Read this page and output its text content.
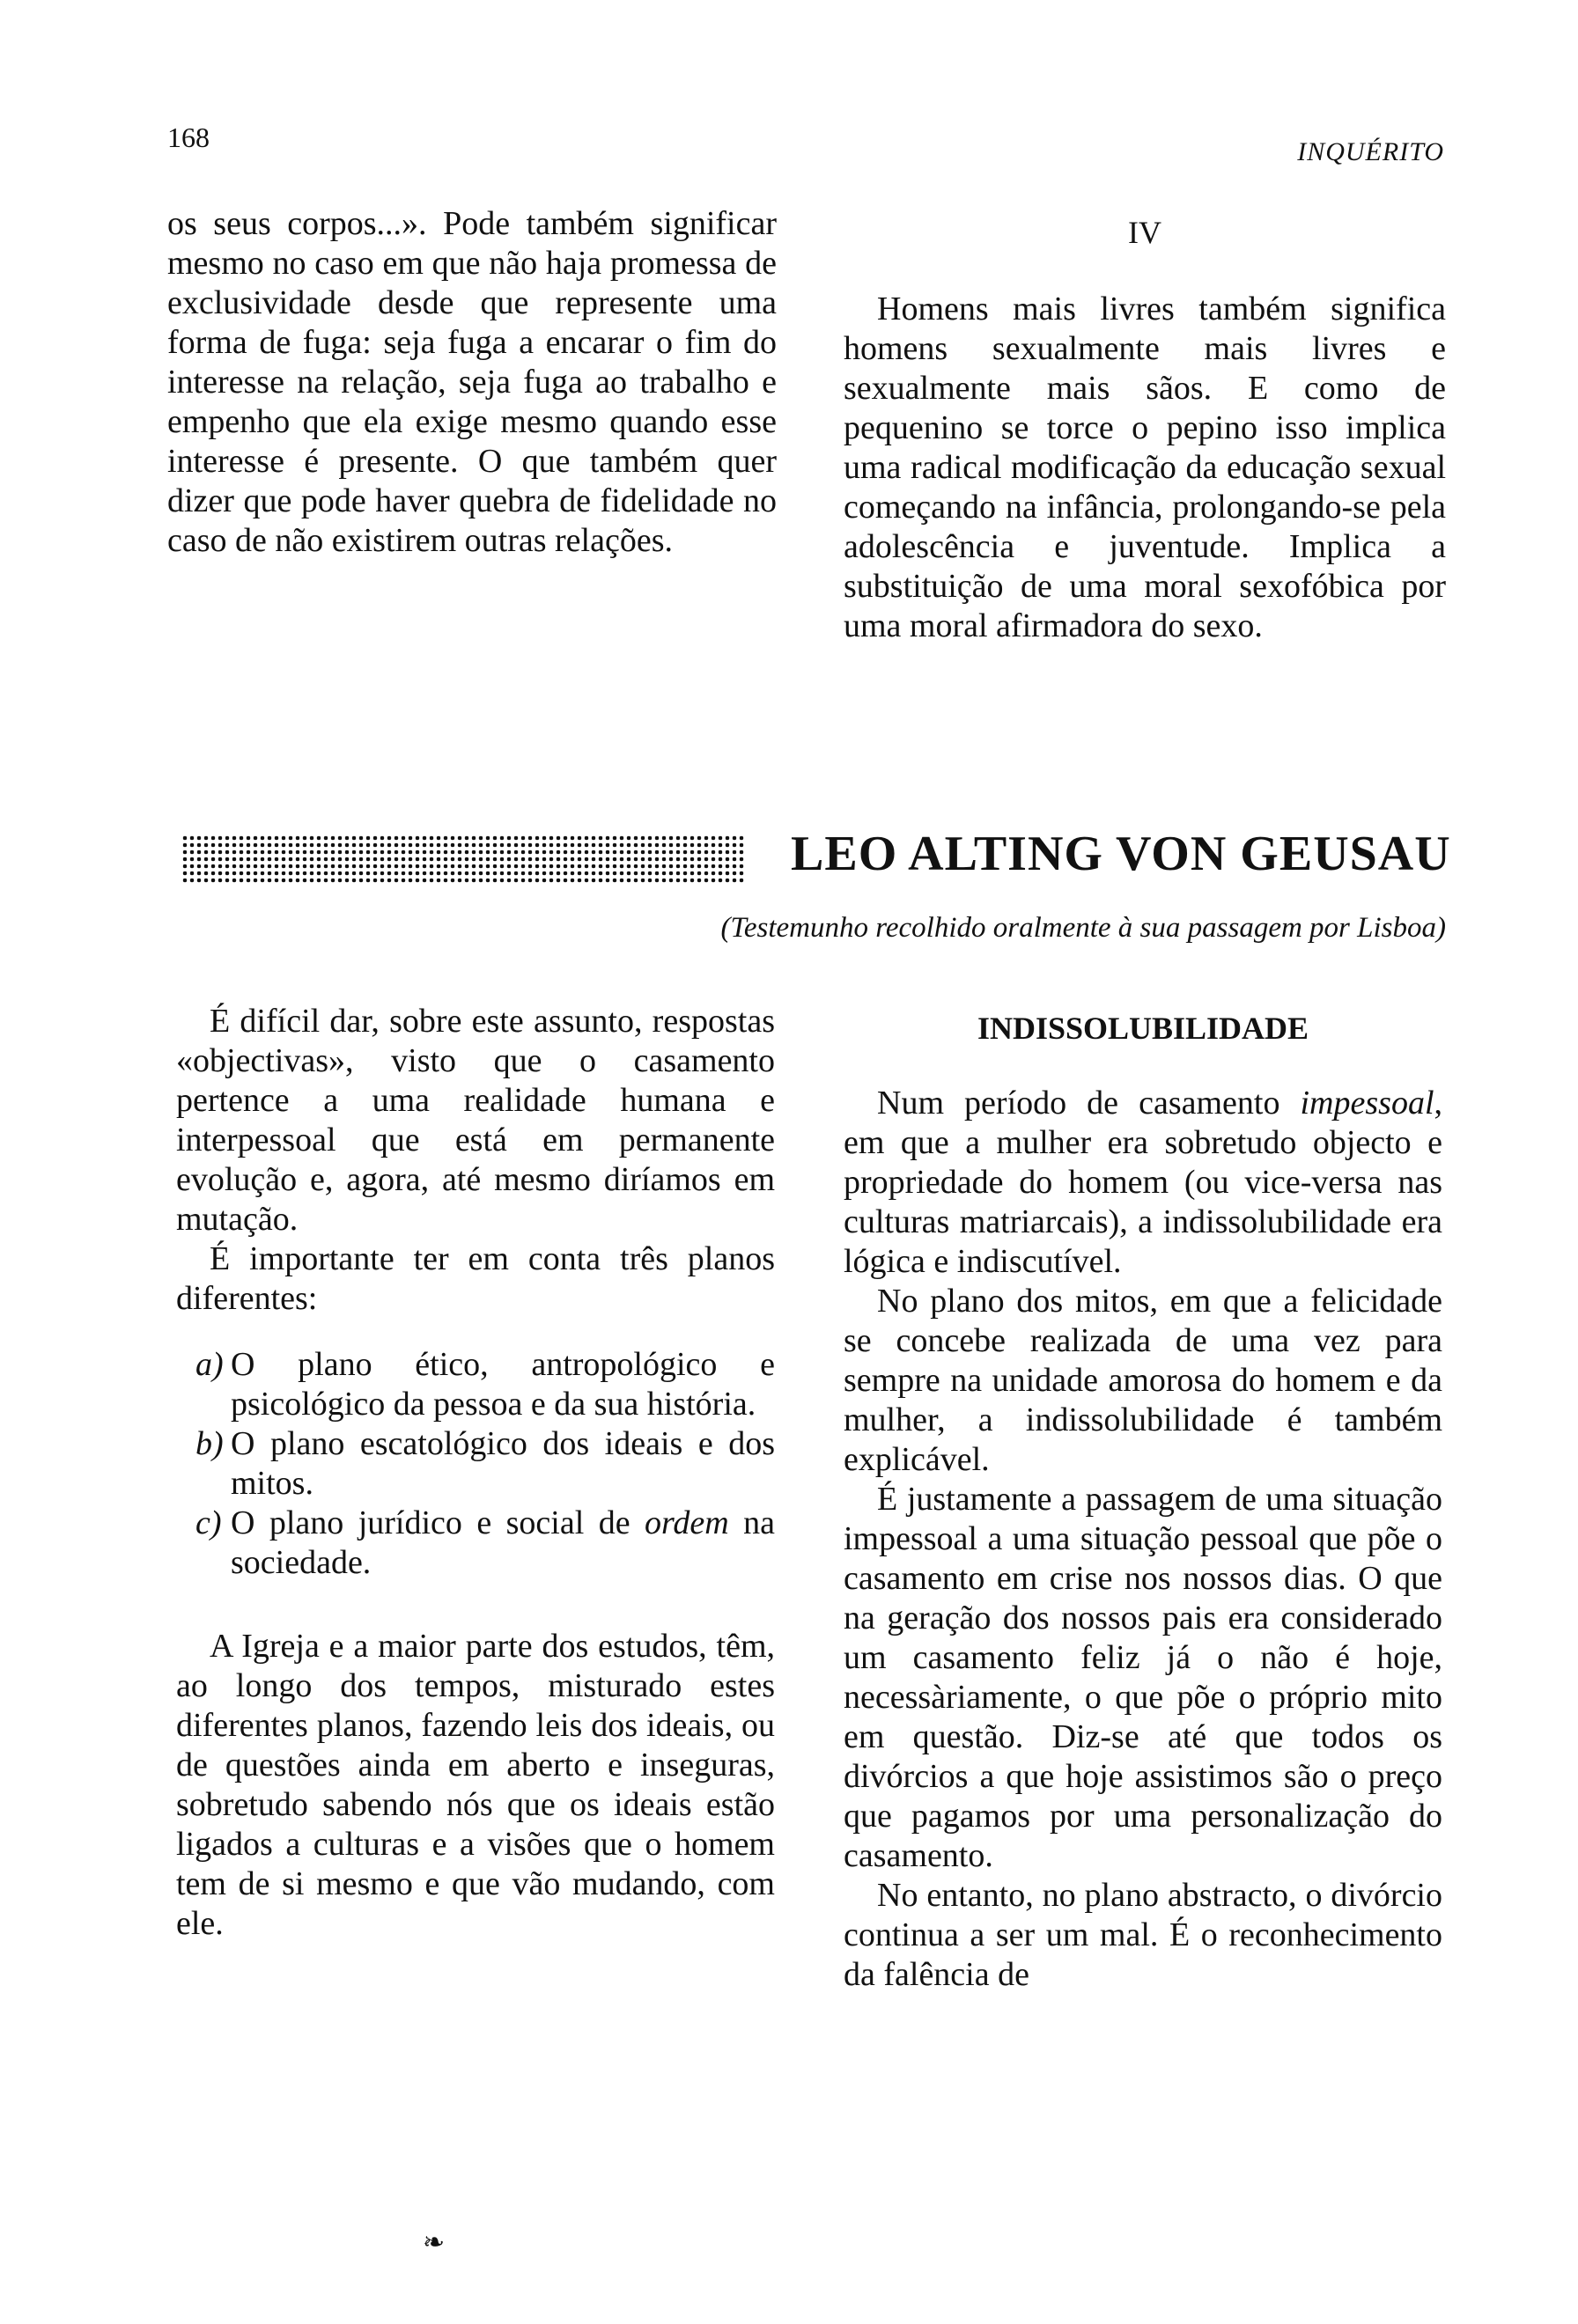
168	INQUÉRITO

os seus corpos...». Pode também significar mesmo no caso em que não haja promessa de exclusividade desde que represente uma forma de fuga: seja fuga a encarar o fim do interesse na relação, seja fuga ao trabalho e empenho que ela exige mesmo quando esse interesse é presente. O que também quer dizer que pode haver quebra de fidelidade no caso de não existirem outras relações.

IV

Homens mais livres também significa homens sexualmente mais livres e sexualmente mais sãos. E como de pequenino se torce o pepino isso implica uma radical modificação da educação sexual começando na infância, prolongando-se pela adolescência e juventude. Implica a substituição de uma moral sexofóbica por uma moral afirmadora do sexo.

LEO ALTING VON GEUSAU
(Testemunho recolhido oralmente à sua passagem por Lisboa)

É difícil dar, sobre este assunto, respostas «objectivas», visto que o casamento pertence a uma realidade humana e interpessoal que está em permanente evolução e, agora, até mesmo diríamos em mutação.

É importante ter em conta três planos diferentes:

a) O plano ético, antropológico e psicológico da pessoa e da sua história.
b) O plano escatológico dos ideais e dos mitos.
c) O plano jurídico e social de ordem na sociedade.

A Igreja e a maior parte dos estudos, têm, ao longo dos tempos, misturado estes diferentes planos, fazendo leis dos ideais, ou de questões ainda em aberto e inseguras, sobretudo sabendo nós que os ideais estão ligados a culturas e a visões que o homem tem de si mesmo e que vão mudando, com ele.

INDISSOLUBILIDADE

Num período de casamento impessoal, em que a mulher era sobretudo objecto e propriedade do homem (ou vice-versa nas culturas matriarcais), a indissolubilidade era lógica e indiscutível.

No plano dos mitos, em que a felicidade se concebe realizada de uma vez para sempre na unidade amorosa do homem e da mulher, a indissolubilidade é também explicável.

É justamente a passagem de uma situação impessoal a uma situação pessoal que põe o casamento em crise nos nossos dias. O que na geração dos nossos pais era considerado um casamento feliz já o não é hoje, necessàriamente, o que põe o próprio mito em questão. Diz-se até que todos os divórcios a que hoje assistimos são o preço que pagamos por uma personalização do casamento.

No entanto, no plano abstracto, o divórcio continua a ser um mal. É o reconhecimento da falência de

❧
